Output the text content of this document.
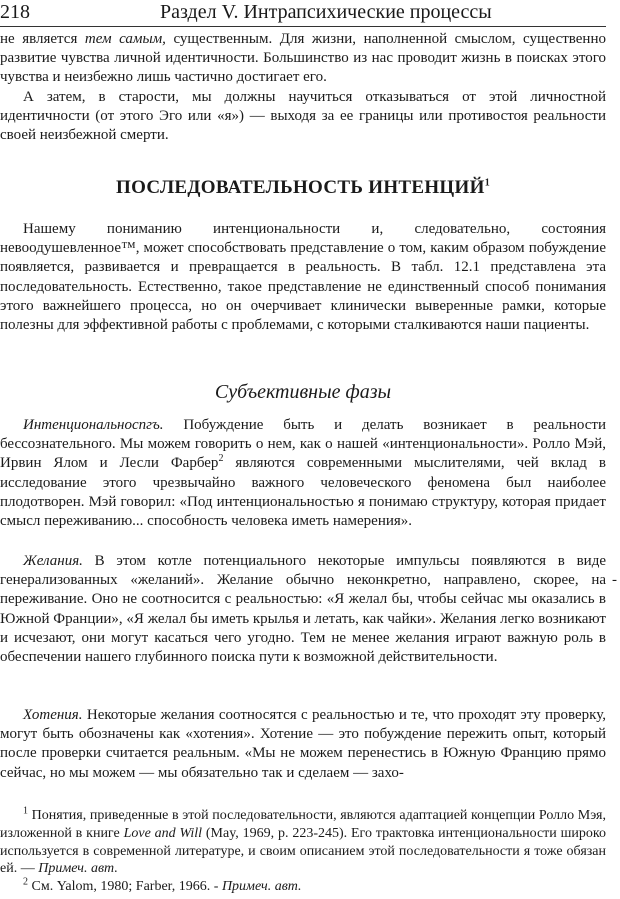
218	Раздел V. Интрапсихические процессы

не является тем самым, существенным. Для жизни, наполненной смыслом, существенно развитие чувства личной идентичности. Большинство из нас проводит жизнь в поисках этого чувства и неизбежно лишь частично достигает его.

А затем, в старости, мы должны научиться отказываться от этой личностной идентичности (от этого Эго или «я») — выходя за ее границы или противостоя реальности своей неизбежной смерти.

ПОСЛЕДОВАТЕЛЬНОСТЬ ИНТЕНЦИЙ$^1$

Нашему пониманию интенциональности и, следовательно, состояния невоодушевленное™, может способствовать представление о том, каким образом побуждение появляется, развивается и превращается в реальность. В табл. 12.1 представлена эта последовательность. Естественно, такое представление не единственный способ понимания этого важнейшего процесса, но он очерчивает клинически выверенные рамки, которые полезны для эффективной работы с проблемами, с которыми сталкиваются наши пациенты.

Субъективные фазы

Интенциональноспгъ. Побуждение быть и делать возникает в реальности бессознательного. Мы можем говорить о нем, как о нашей «интенциональности». Ролло Мэй, Ирвин Ялом и Лесли Фарбер$^2$ являются современными мыслителями, чей вклад в исследование этого чрезвычайно важного человеческого феномена был наиболее плодотворен. Мэй говорил: «Под интенциональностью я понимаю структуру, которая придает смысл переживанию... способность человека иметь намерения».

Желания. В этом котле потенциального некоторые импульсы появляются в виде генерализованных «желаний». Желание обычно неконкретно, направлено, скорее, на переживание. Оно не соотносится с реальностью: «Я желал бы, чтобы сейчас мы оказались в Южной Франции», «Я желал бы иметь крылья и летать, как чайки». Желания легко возникают и исчезают, они могут касаться чего угодно. Тем не менее желания играют важную роль в обеспечении нашего глубинного поиска пути к возможной действительности.

-

Хотения. Некоторые желания соотносятся с реальностью и те, что проходят эту проверку, могут быть обозначены как «хотения». Хотение — это побуждение пережить опыт, который после проверки считается реальным. «Мы не можем перенестись в Южную Францию прямо сейчас, но мы можем — мы обязательно так и сделаем — захо-

$^1$ Понятия, приведенные в этой последовательности, являются адаптацией концепции Ролло Мэя, изложенной в книге Love and Will (May, 1969, p. 223-245). Его трактовка интенциональности широко используется в современной литературе, и своим описанием этой последовательности я тоже обязан ей. — Примеч. авт.

$^2$ См. Yalom, 1980; Farber, 1966. - Примеч. авт.
